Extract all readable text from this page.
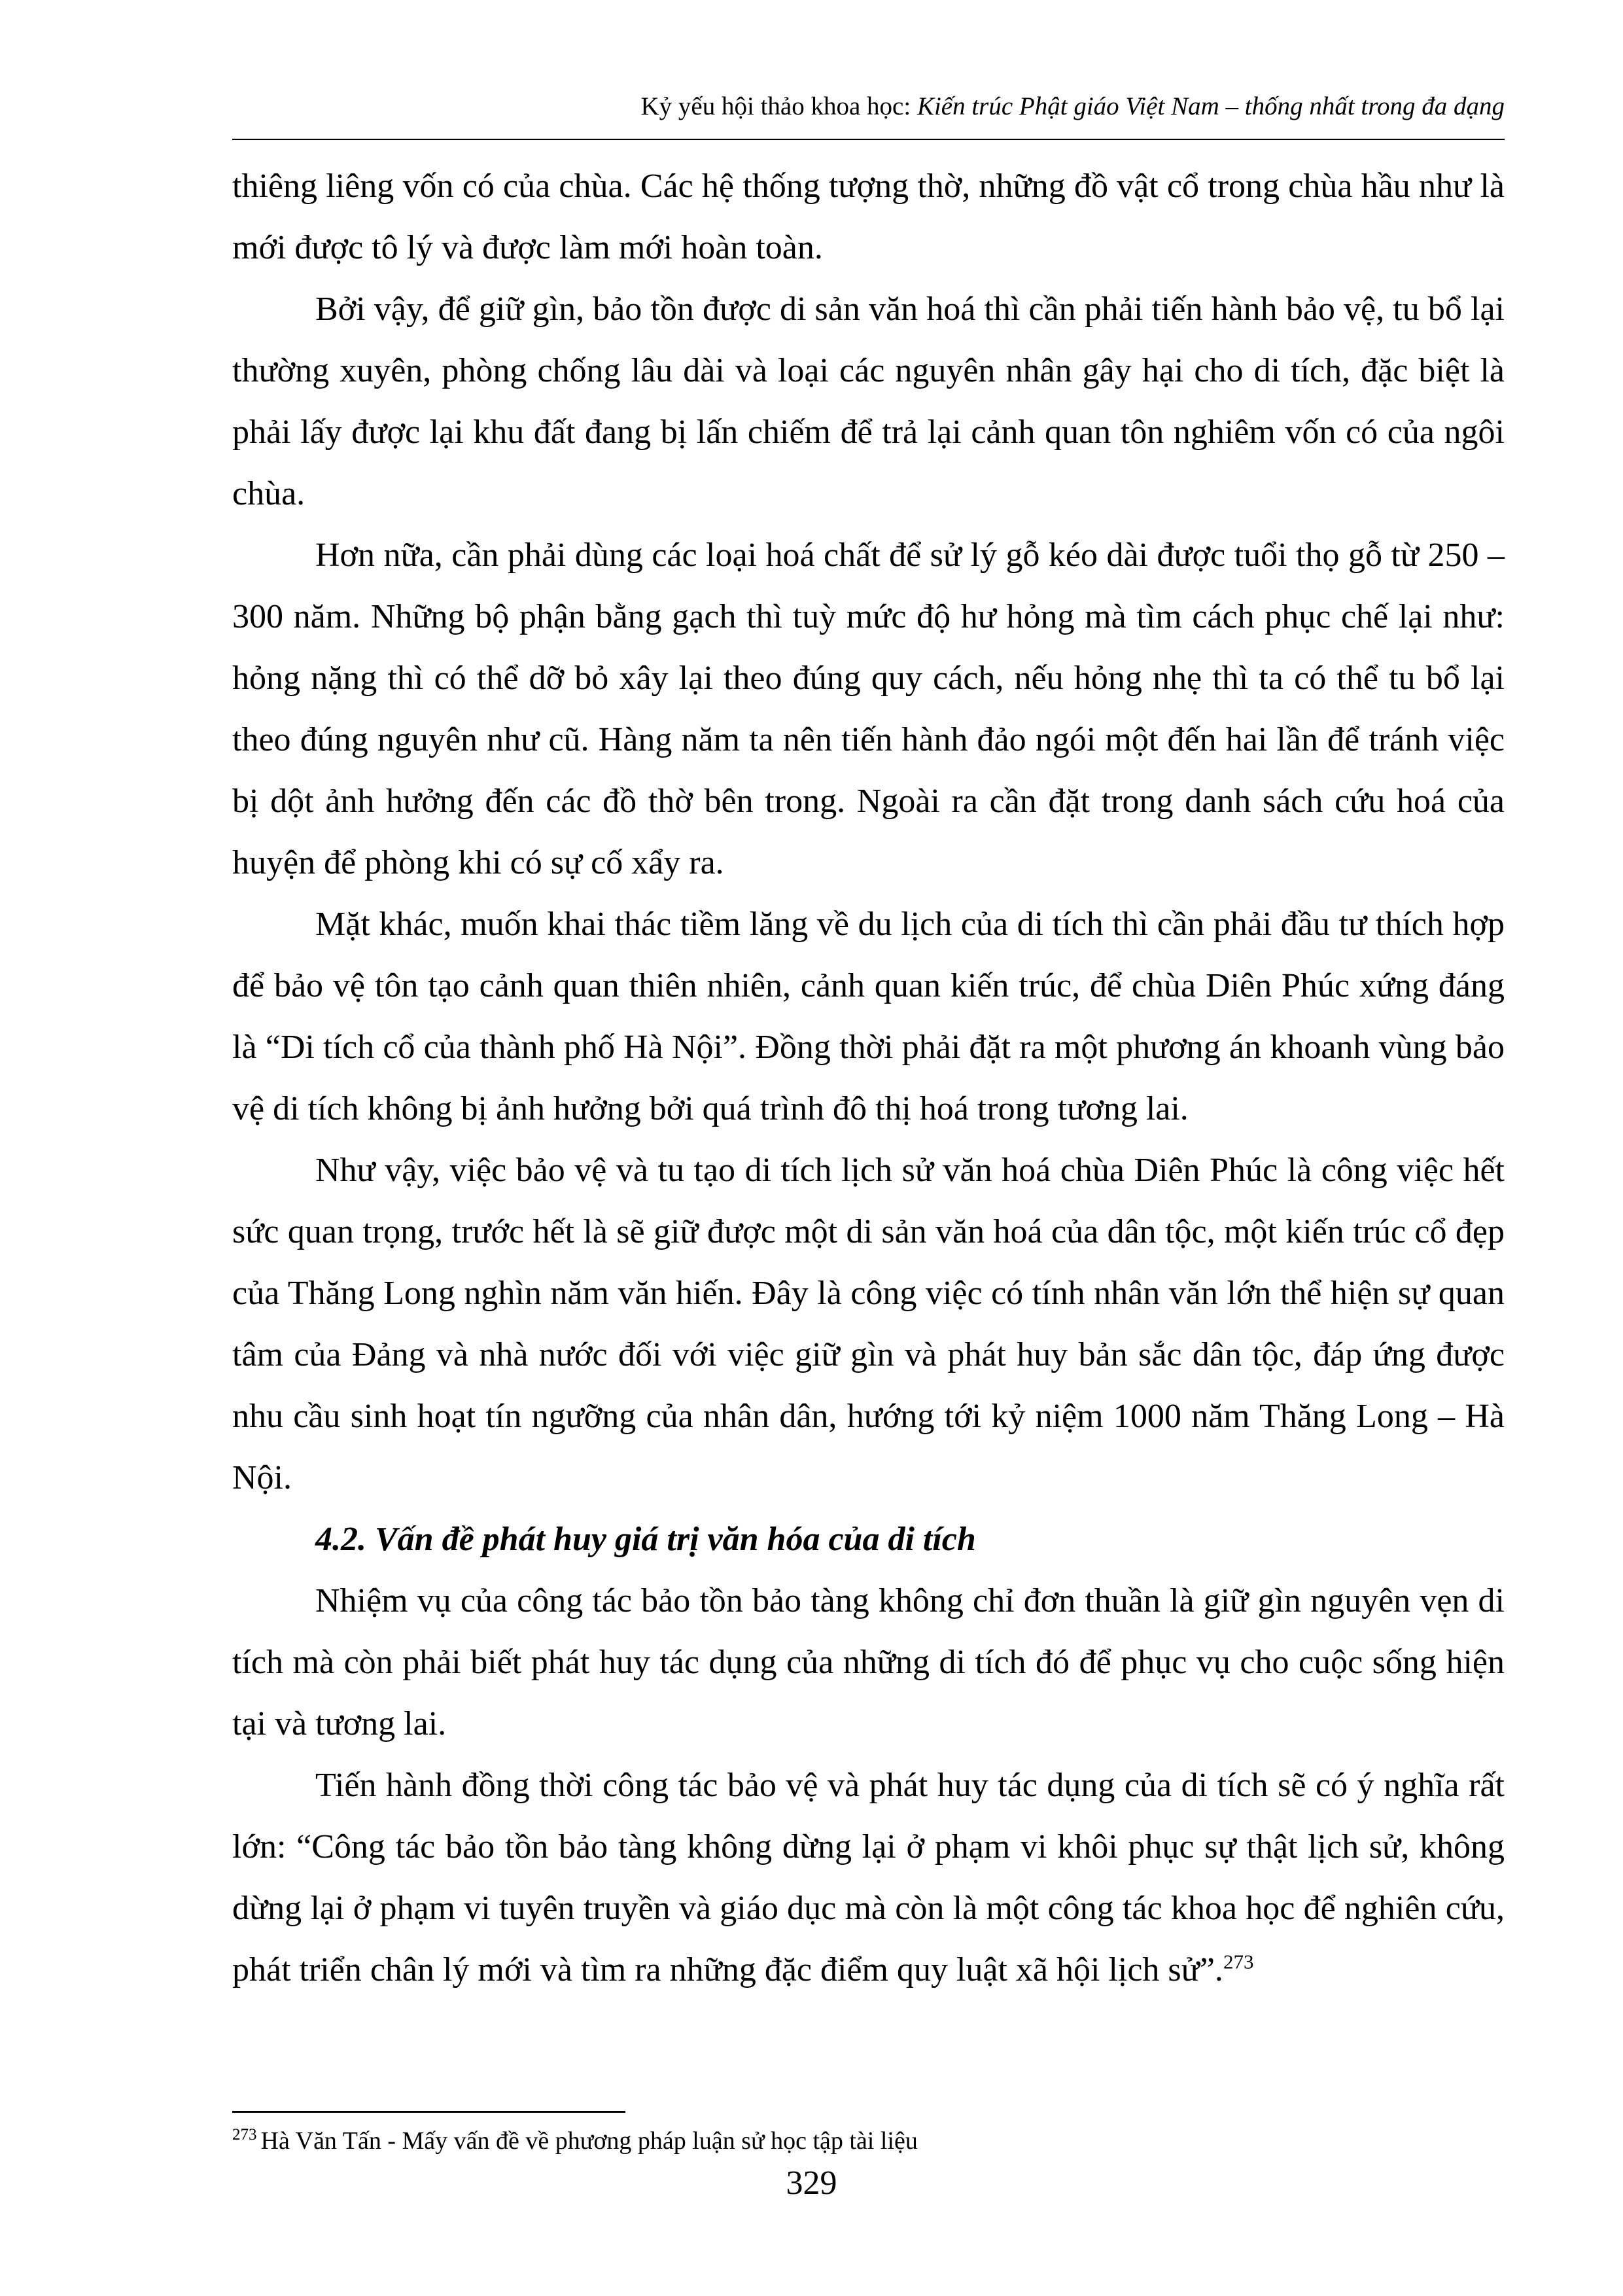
Kỷ yếu hội thảo khoa học: Kiến trúc Phật giáo Việt Nam – thống nhất trong đa dạng

thiêng liêng vốn có của chùa. Các hệ thống tượng thờ, những đồ vật cổ trong chùa hầu như là mới được tô lý và được làm mới hoàn toàn.

Bởi vậy, để giữ gìn, bảo tồn được di sản văn hoá thì cần phải tiến hành bảo vệ, tu bổ lại thường xuyên, phòng chống lâu dài và loại các nguyên nhân gây hại cho di tích, đặc biệt là phải lấy được lại khu đất đang bị lấn chiếm để trả lại cảnh quan tôn nghiêm vốn có của ngôi chùa.

Hơn nữa, cần phải dùng các loại hoá chất để sử lý gỗ kéo dài được tuổi thọ gỗ từ 250 – 300 năm. Những bộ phận bằng gạch thì tuỳ mức độ hư hỏng mà tìm cách phục chế lại như: hỏng nặng thì có thể dỡ bỏ xây lại theo đúng quy cách, nếu hỏng nhẹ thì ta có thể tu bổ lại theo đúng nguyên như cũ. Hàng năm ta nên tiến hành đảo ngói một đến hai lần để tránh việc bị dột ảnh hưởng đến các đồ thờ bên trong. Ngoài ra cần đặt trong danh sách cứu hoá của huyện để phòng khi có sự cố xẩy ra.

Mặt khác, muốn khai thác tiềm lăng về du lịch của di tích thì cần phải đầu tư thích hợp để bảo vệ tôn tạo cảnh quan thiên nhiên, cảnh quan kiến trúc, để chùa Diên Phúc xứng đáng là “Di tích cổ của thành phố Hà Nội”. Đồng thời phải đặt ra một phương án khoanh vùng bảo vệ di tích không bị ảnh hưởng bởi quá trình đô thị hoá trong tương lai.

Như vậy, việc bảo vệ và tu tạo di tích lịch sử văn hoá chùa Diên Phúc là công việc hết sức quan trọng, trước hết là sẽ giữ được một di sản văn hoá của dân tộc, một kiến trúc cổ đẹp của Thăng Long nghìn năm văn hiến. Đây là công việc có tính nhân văn lớn thể hiện sự quan tâm của Đảng và nhà nước đối với việc giữ gìn và phát huy bản sắc dân tộc, đáp ứng được nhu cầu sinh hoạt tín ngưỡng của nhân dân, hướng tới kỷ niệm 1000 năm Thăng Long – Hà Nội.

4.2. Vấn đề phát huy giá trị văn hóa của di tích

Nhiệm vụ của công tác bảo tồn bảo tàng không chỉ đơn thuần là giữ gìn nguyên vẹn di tích mà còn phải biết phát huy tác dụng của những di tích đó để phục vụ cho cuộc sống hiện tại và tương lai.

Tiến hành đồng thời công tác bảo vệ và phát huy tác dụng của di tích sẽ có ý nghĩa rất lớn: “Công tác bảo tồn bảo tàng không dừng lại ở phạm vi khôi phục sự thật lịch sử, không dừng lại ở phạm vi tuyên truyền và giáo dục mà còn là một công tác khoa học để nghiên cứu, phát triển chân lý mới và tìm ra những đặc điểm quy luật xã hội lịch sử”.$^{273}$

$^{273}$ Hà Văn Tấn - Mấy vấn đề về phương pháp luận sử học tập tài liệu
329
